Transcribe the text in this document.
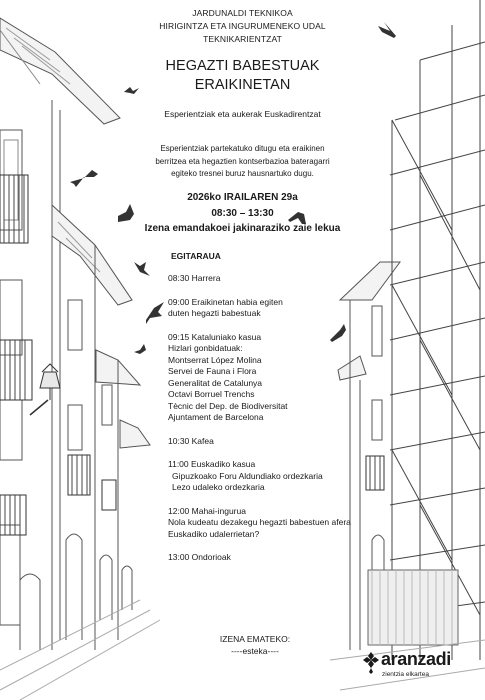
JARDUNALDI TEKNIKOA
HIRIGINTZA ETA INGURUMENEKO UDAL
TEKNIKARIENTZAT
HEGAZTI BABESTUAK
ERAIKINETAN
Esperientziak eta aukerak Euskadirentzat
Esperientziak partekatuko ditugu eta eraikinen
berritzea eta hegaztien kontserbazioa bateragarri
egiteko tresnei buruz hausnartuko dugu.
2026ko IRAILAREN 29a
08:30 – 13:30
Izena emandakoei jakinaraziko zaie lekua
EGITARAUA
08:30 Harrera
09:00 Eraikinetan habia egiten
duten hegazti babestuak
09:15 Kataluniako kasua
Hizlari gonbidatuak:
Montserrat López Molina
Servei de Fauna i Flora
Generalitat de Catalunya
Octavi Borruel Trenchs
Tècnic del Dep. de Biodiversitat
Ajuntament de Barcelona
10:30 Kafea
11:00 Euskadiko kasua
Gipuzkoako Foru Aldundiako ordezkaria
Lezo udaleko ordezkaria
12:00 Mahai-ingurua
Nola kudeatu dezakegu hegazti babestuen afera
Euskadiko udalerrietan?
13:00 Ondorioak
IZENA EMATEKO:
----esteka----	aranzadi
zientzia elkartea
